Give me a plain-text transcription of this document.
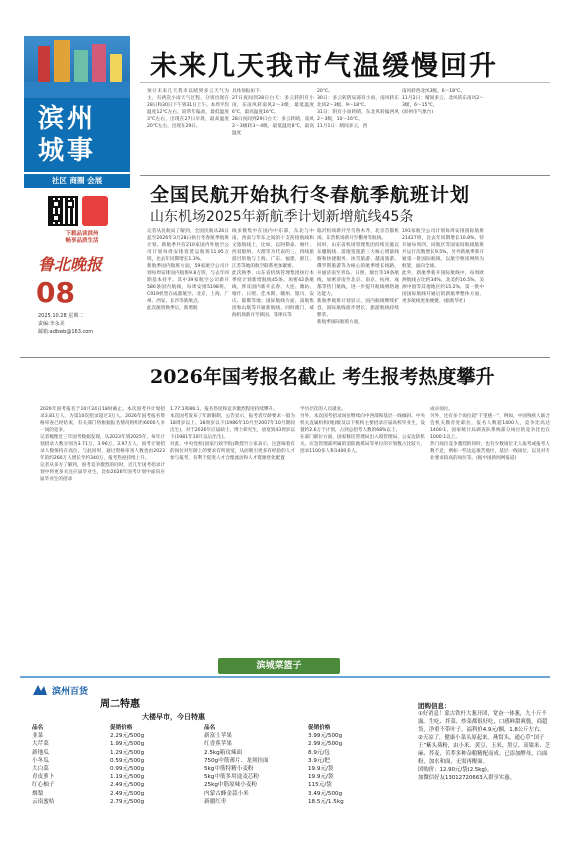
滨州
城事
社区 商圈 会展
下载品读滨州
畅享品质生活
鲁北晚报
08
2025.10.28 星期二
责编:李永美
邮箱:adbwb@163.com
未来几天我市气温缓慢回升
预计未来几天我市以晴到多云天气为主，有两次小雨天气过程，分别出现在28日和30日下午到31日上午。本周平均温度12℃左右，较常年偏高，最低温度3℃左右，出现在27日早晨，最高温度20℃左右，出现在29日。
具体预报如下：
27日夜间到28日白天：多云转阴有小雨，东南风转南风2～3级，最低温度6℃，最高温度16℃。
28日夜间到29日白天：多云转晴，南风2～3级转3～4级，最低温度8℃，最高温度
20℃。
30日：多云转阴局部有小雨，南风转东北风2～3级，9～18℃。
31日：阴有小雨转晴，东北风转偏西风2～3级，10～16℃。
11月1日：晴间多云，西
南风转西北风3级，6～18℃。
11月2日：晴间多云，北风转东南风2～3级，6～15℃。
(滨州市气象台)
全国民航开始执行冬春航季航班计划
山东机场2025年新航季计划新增航线45条
记者从民航局了解到，全国民航从26日起至2026年3月28日执行冬春航季航班计划。新航季共有210家国内外航空公司计划每周安排客货运航班11.95万班，比去年同期增长1.3%。
新航季国内航班方面，59家航空公司计划每周安排国内航班9.8万班，与去年同期基本持平。其中39家航空公司新开586条国内航线，每周安排5198班。C919机型在成都航空、北京、上海、广州、西安、长沙等新航点。
此次航班换季后，新增航
线多数集中在国内中东部，东北与中南、西南与华东之间的干支衔接航线和文旅航线上，比如，以阿勒泰、喀什、西双版纳、大理等为代表的三、四线旅游目的地与上海、广东、福建、浙江、江苏等地的航空联系更加紧密。
此次换季，山东省机场管理集团执行本季度计划新增航线45条。加密42条航线，涉及国内新开长春、大连、潍坊、喀什、日照、佳木斯、赣州、银川、安庆、邯郸等地；国际航线方面，南航集团和山航等开通新航线，同时澳门、威海机场新开至韩国、菲律宾等
临沂机场新开至乌鲁木齐、北京首都机场，东营机场新开至衢州等航线。
同时，山东省机场管理集团持续实施以东疆航线、落地签旅游三大核心增量线路和快捷服务、冰雪旅游、越南旅游、俄罗斯旅游等为核心的航季增长线路，开通济南至青岛、日照、烟台等19条航线，加密济南至北京、南京、杭州、成都等热门航线，进一步提升航线网络通达能力。
新航季航班计划显示，国内航线继续扩容，国际航线稳步增长，旅游航线持续繁荣。
新航季国际航班方面，
191家航空公司计划每周安排国际航班21427班，比去年同期增长10.8%。特开通每周四、同航区等国家间航线航班共运行次数增长9.5%。另外新航季新开通第一批国际航线，以航空枢纽网络为框架，面向全球。
此外，新航季新开国际航线中，每周欧洲航线占比约34%，北美约16.5%，美洲中国等其他地区约15.2%，第一批中国国际航线开通后的新航季整体方面，更多航线更加便捷。(据新华社)
2026年国考报名截止 考生报考热度攀升
2026年国考报名于10月24日18时截止。本次国考共计划招录3.81万人，为第10次招录超过3万人。2026年国考报名资格审查已经结束，有关部门将根据报名情况组织约6000人争一岗的竞争。
记者梳理近三年国考数据发现，从2023年到2025年，每年计划招录人数分别为3.71万、3.96万、3.97万人，国考计划招录人数保持在高位。与此同时，通过资格审查人数也由2023年的约260万人增长至约340万，报考热度持续上升。
记者从多方了解到，国考竞争激烈的同时，近几年国考招录计划中将更多关注应届毕业生，比如2026年国考计划中面向应届毕业生的招录
1.77:1和86:1，报名热度和竞争激烈程度持续攀升。
本次国考发布了年龄限制，公告显示，报考者年龄要求一般为18周岁以上、38周岁以下(1986年10月至2007年10月期间出生)，对于2026年应届硕士、博士研究生，放宽到43周岁以下(1981年10月以后出生)。
对此，中央党校(国家行政学院)教授竹立家表示，这意味着有的岗位对年龄上的要求有所放宽，从而吸引更多有经验的人才参与报考，有利于促进人才合理流动和人才资源优化配置
学历层次的人员就业。
另外，本次国考招录岗位继续向中西部和基层一线倾斜。中央机关直属机构(地)级及以下机构主要招录应届高校毕业生，设置约2.6万个计划，占到总招考人数的68%以上。
在部门职位方面，国家移民管理局出入境管理局、公安边防机关、应急管理部所属的消防救援局等单位的计划数占比较大，招录1100多人和1400多人。
成卓岗位。
另外，还有多个岗位超“千里挑一”，例如，中国残疾人联合会机关教育处职位，报名人数超1400人，竞争比高达1400:1，国家统计局调查队系统部分岗位的竞争比也在1000:1以上。
热门岗位竞争激烈的同时，也有少数岗位无人报考或报考人数不足，例如一些边远艰苦地区、基层一线岗位，以及对专业要求较高的岗位等。(据中国新闻网报道)
滨城菜篮子
滨州百货
周二特惠
大楼早市，今日特惠
品名	促销价格
韭菜	2.29元/500g
大芹菜	1.99元/500g
新地瓜	1.29元/500g
小冬瓜	0.59元/500g
大白菜	0.99元/500g
青皮萝卜	1.19元/500g
红心柚子	2.49元/500g
烟梨	2.49元/500g
云南蜜桔	2.79元/500g
品名	促销价格
新富士苹果	3.99元/500g
红香蕉苹果	2.99元/500g
2.5kg箱玟辣面	8.9元/包
750g中筋薄片、龙须挂面	3.9元/把
5kg中筋特精小麦粉	19.9元/袋
5kg中筋多用途麦芯粉	19.9元/袋
25kg中筋原味小麦粉	115元/袋
内蒙古蜂金蒜小米	3.49元/500g
新疆红枣	18.5元/1.5kg
团购信息：
①好消息！蒙古铁杆大葱开团，宽奋一体葱，九十斤不露。生吃、拌菜、炒菜都很好吃，口感鲜甜爽脆，商超货，净重不带叶子。福利价4.9元/捆，1.8公斤左右。
②天凉了，健康小菜头原起来。燕窝头、通心草“国子王”紫头葵粉，由小米、黄豆、玉米、黑豆、高粱米、芝麻、荞麦、苦荞多种杂粮精配而成。已添加酵母，白面粉，加水和面，无需再醒面。
团购价：12.90元/袋(2.5kg)。
加微信好友13012720663入群享实惠。
